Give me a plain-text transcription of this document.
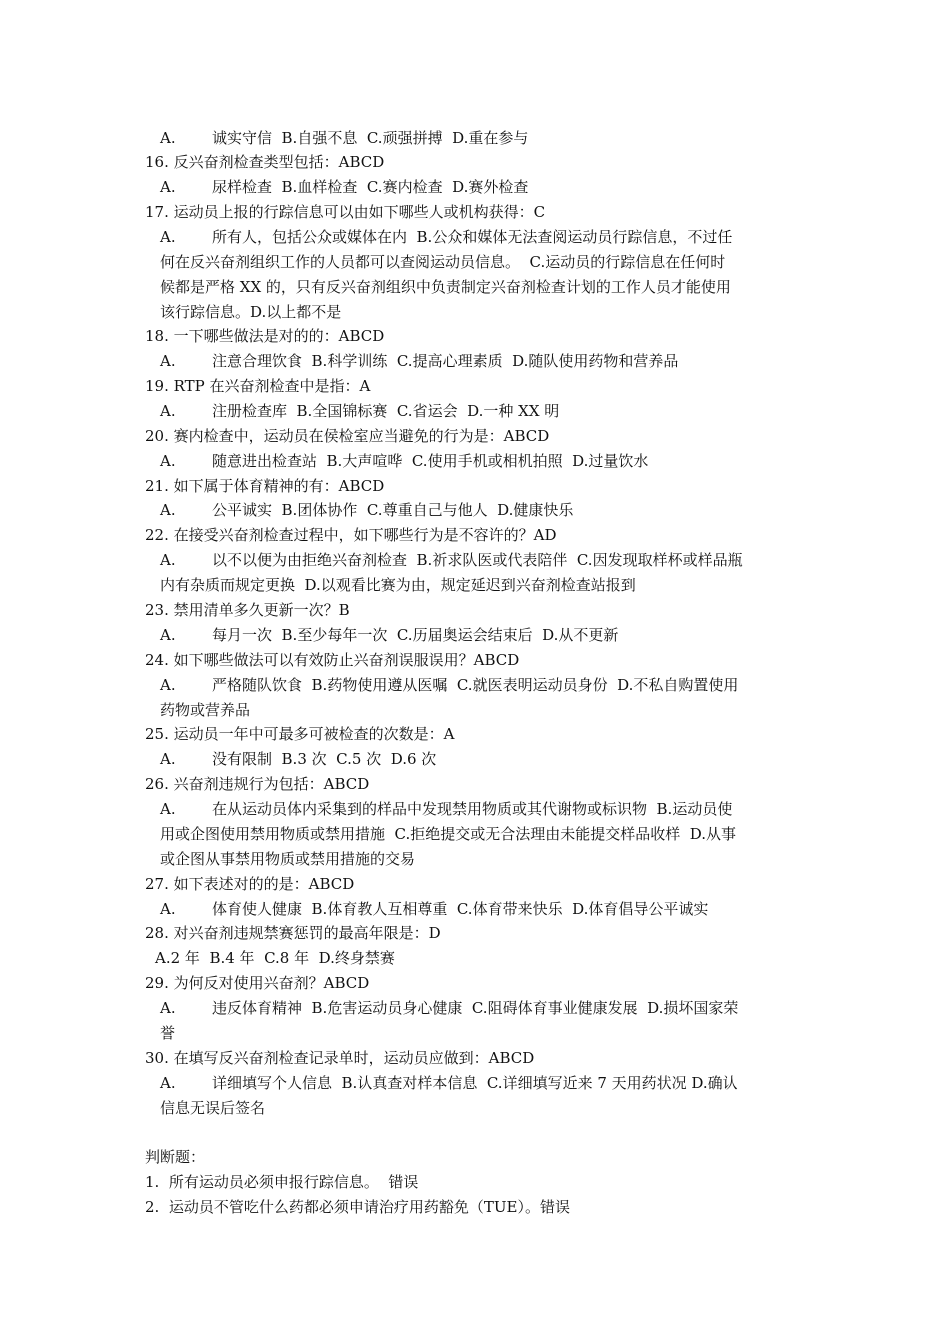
A. 诚实守信  B.自强不息  C.顽强拼搏  D.重在参与
16. 反兴奋剂检查类型包括：ABCD
A. 尿样检查  B.血样检查  C.赛内检查  D.赛外检查
17. 运动员上报的行踪信息可以由如下哪些人或机构获得：C
A. 所有人，包括公众或媒体在内  B.公众和媒体无法查阅运动员行踪信息，不过任
何在反兴奋剂组织工作的人员都可以查阅运动员信息。  C.运动员的行踪信息在任何时
候都是严格 XX 的，只有反兴奋剂组织中负责制定兴奋剂检查计划的工作人员才能使用
该行踪信息。D.以上都不是
18. 一下哪些做法是对的的：ABCD
A. 注意合理饮食  B.科学训练  C.提高心理素质  D.随队使用药物和营养品
19. RTP 在兴奋剂检查中是指：A
A. 注册检查库  B.全国锦标赛  C.省运会  D.一种 XX 明
20. 赛内检查中，运动员在侯检室应当避免的行为是：ABCD
A. 随意进出检查站  B.大声喧哗  C.使用手机或相机拍照  D.过量饮水
21. 如下属于体育精神的有：ABCD
A. 公平诚实  B.团体协作  C.尊重自己与他人  D.健康快乐
22. 在接受兴奋剂检查过程中，如下哪些行为是不容许的？AD
A. 以不以便为由拒绝兴奋剂检查  B.祈求队医或代表陪伴  C.因发现取样杯或样品瓶
内有杂质而规定更换  D.以观看比赛为由，规定延迟到兴奋剂检查站报到
23. 禁用清单多久更新一次？B
A. 每月一次  B.至少每年一次  C.历届奥运会结束后  D.从不更新
24. 如下哪些做法可以有效防止兴奋剂误服误用？ABCD
A. 严格随队饮食  B.药物使用遵从医嘱  C.就医表明运动员身份  D.不私自购置使用
药物或营养品
25. 运动员一年中可最多可被检查的次数是：A
A. 没有限制  B.3 次  C.5 次  D.6 次
26. 兴奋剂违规行为包括：ABCD
A. 在从运动员体内采集到的样品中发现禁用物质或其代谢物或标识物  B.运动员使
用或企图使用禁用物质或禁用措施  C.拒绝提交或无合法理由未能提交样品收样  D.从事
或企图从事禁用物质或禁用措施的交易
27. 如下表述对的的是：ABCD
A. 体育使人健康  B.体育教人互相尊重  C.体育带来快乐  D.体育倡导公平诚实
28. 对兴奋剂违规禁赛惩罚的最高年限是：D
A.2 年  B.4 年  C.8 年  D.终身禁赛
29. 为何反对使用兴奋剂？ABCD
A. 违反体育精神  B.危害运动员身心健康  C.阻碍体育事业健康发展  D.损坏国家荣
誉
30. 在填写反兴奋剂检查记录单时，运动员应做到：ABCD
A. 详细填写个人信息  B.认真查对样本信息  C.详细填写近来 7 天用药状况 D.确认
信息无误后签名
判断题：
1.  所有运动员必须申报行踪信息。  错误
2.  运动员不管吃什么药都必须申请治疗用药豁免（TUE）。错误
